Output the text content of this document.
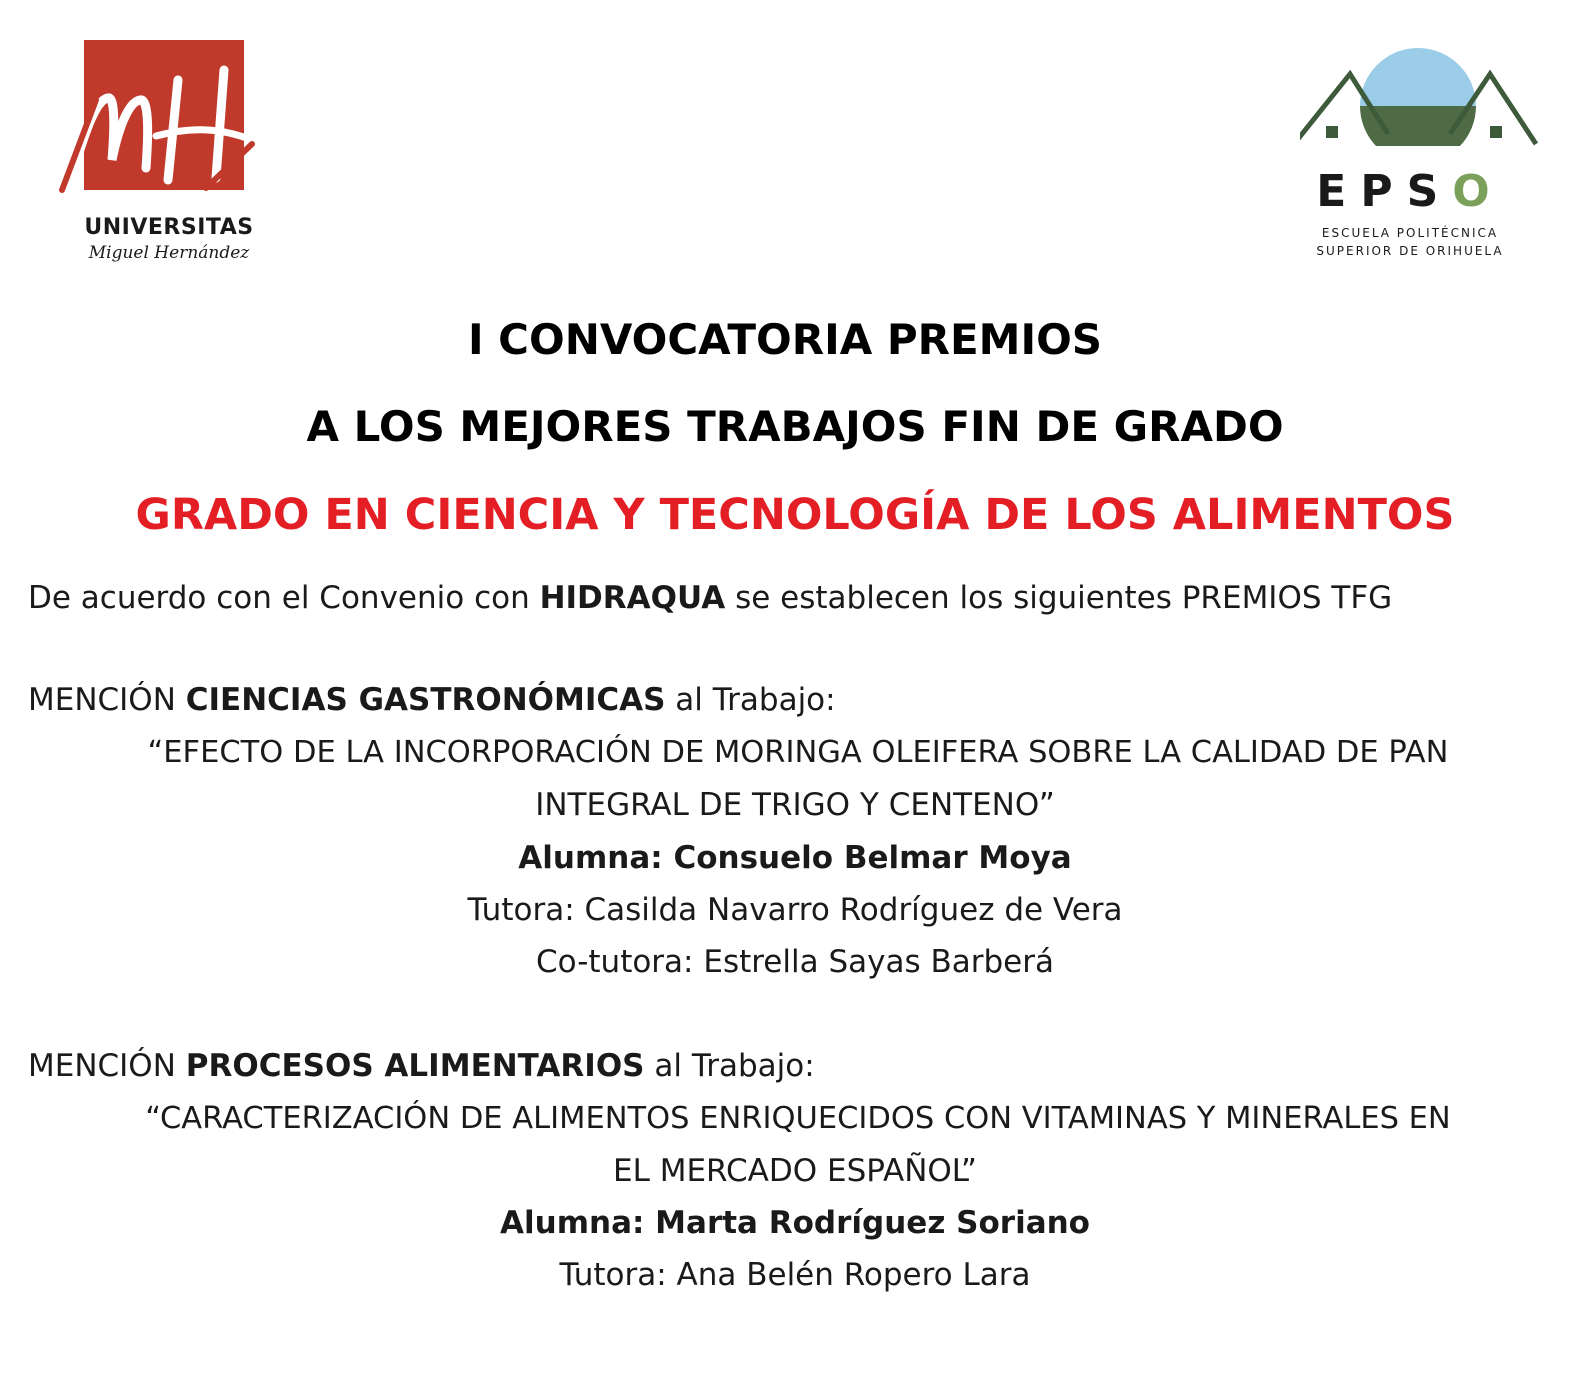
UNIVERSITAS
Miguel Hernández
EPSO
ESCUELA POLITÉCNICA
SUPERIOR DE ORIHUELA
I CONVOCATORIA PREMIOS
A LOS MEJORES TRABAJOS FIN DE GRADO
GRADO EN CIENCIA Y TECNOLOGÍA DE LOS ALIMENTOS
De acuerdo con el Convenio con HIDRAQUA se establecen los siguientes PREMIOS TFG
MENCIÓN CIENCIAS GASTRONÓMICAS al Trabajo:
“EFECTO DE LA INCORPORACIÓN DE MORINGA OLEIFERA SOBRE LA CALIDAD DE PAN
INTEGRAL DE TRIGO Y CENTENO”
Alumna: Consuelo Belmar Moya
Tutora: Casilda Navarro Rodríguez de Vera
Co-tutora: Estrella Sayas Barberá
MENCIÓN PROCESOS ALIMENTARIOS al Trabajo:
“CARACTERIZACIÓN DE ALIMENTOS ENRIQUECIDOS CON VITAMINAS Y MINERALES EN
EL MERCADO ESPAÑOL”
Alumna: Marta Rodríguez Soriano
Tutora: Ana Belén Ropero Lara
